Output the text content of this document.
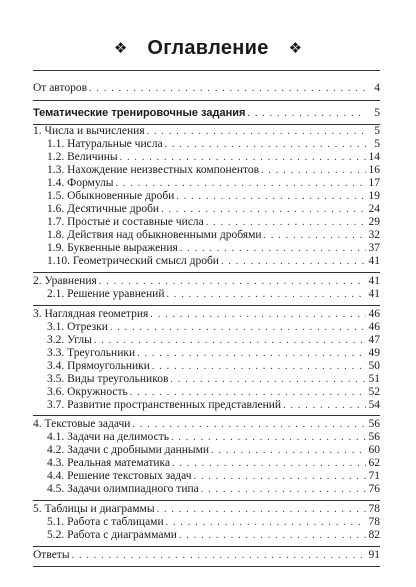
❖ Оглавление ❖
От авторов . . .	4
Тематические тренировочные задания . . .	5
1. Числа и вычисления . . .	5
1.1. Натуральные числа . . .	5
1.2. Величины . . .	14
1.3. Нахождение неизвестных компонентов . . .	16
1.4. Формулы . . .	17
1.5. Обыкновенные дроби . . .	19
1.6. Десятичные дроби . . .	24
1.7. Простые и составные числа . . .	29
1.8. Действия над обыкновенными дробями . . .	32
1.9. Буквенные выражения . . .	37
1.10. Геометрический смысл дроби . . .	41
2. Уравнения . . .	41
2.1. Решение уравнений . . .	41
3. Наглядная геометрия . . .	46
3.1. Отрезки . . .	46
3.2. Углы . . .	47
3.3. Треугольники . . .	49
3.4. Прямоугольники . . .	50
3.5. Виды треугольников . . .	51
3.6. Окружность . . .	52
3.7. Развитие пространственных представлений . . .	54
4. Текстовые задачи . . .	56
4.1. Задачи на делимость . . .	56
4.2. Задачи с дробными данными . . .	60
4.3. Реальная математика . . .	62
4.4. Решение текстовых задач . . .	71
4.5. Задачи олимпиадного типа . . .	76
5. Таблицы и диаграммы . . .	78
5.1. Работа с таблицами . . .	78
5.2. Работа с диаграммами . . .	82
Ответы . . .	91
